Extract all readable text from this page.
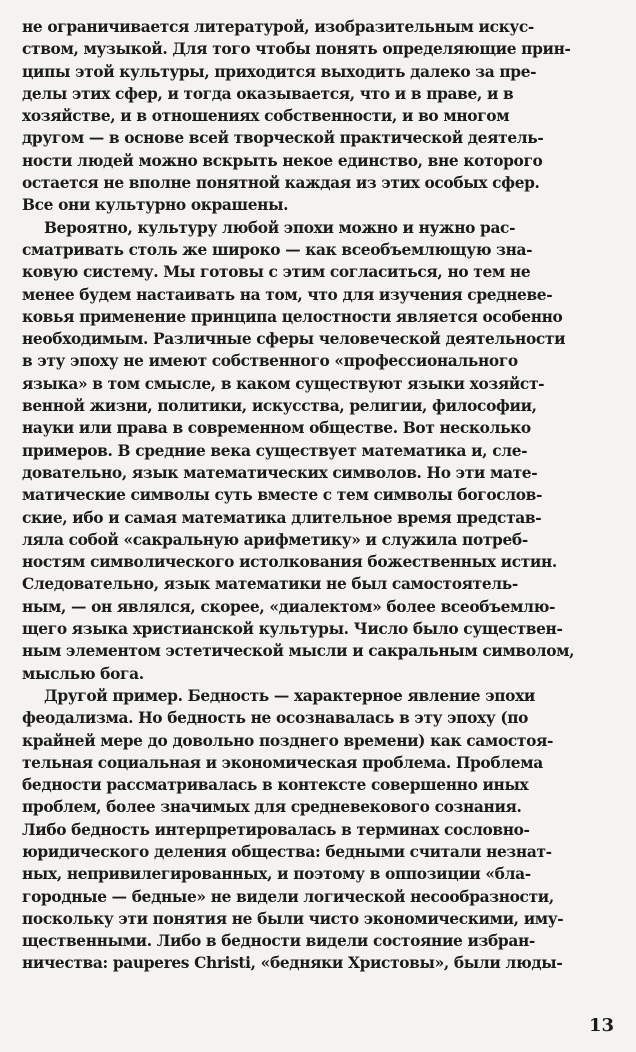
не ограничивается литературой, изобразительным искус-
ством, музыкой. Для того чтобы понять определяющие прин-
ципы этой культуры, приходится выходить далеко за пре-
делы этих сфер, и тогда оказывается, что и в праве, и в
хозяйстве, и в отношениях собственности, и во многом
другом — в основе всей творческой практической деятель-
ности людей можно вскрыть некое единство, вне которого
остается не вполне понятной каждая из этих особых сфер.
Все они культурно окрашены.
Вероятно, культуру любой эпохи можно и нужно рас-
сматривать столь же широко — как всеобъемлющую зна-
ковую систему. Мы готовы с этим согласиться, но тем не
менее будем настаивать на том, что для изучения средневе-
ковья применение принципа целостности является особенно
необходимым. Различные сферы человеческой деятельности
в эту эпоху не имеют собственного «профессионального
языка» в том смысле, в каком существуют языки хозяйст-
венной жизни, политики, искусства, религии, философии,
науки или права в современном обществе. Вот несколько
примеров. В средние века существует математика и, сле-
довательно, язык математических символов. Но эти мате-
матические символы суть вместе с тем символы богослов-
ские, ибо и самая математика длительное время представ-
ляла собой «сакральную арифметику» и служила потреб-
ностям символического истолкования божественных истин.
Следовательно, язык математики не был самостоятель-
ным, — он являлся, скорее, «диалектом» более всеобъемлю-
щего языка христианской культуры. Число было существен-
ным элементом эстетической мысли и сакральным символом,
мыслью бога.
Другой пример. Бедность — характерное явление эпохи
феодализма. Но бедность не осознавалась в эту эпоху (по
крайней мере до довольно позднего времени) как самостоя-
тельная социальная и экономическая проблема. Проблема
бедности рассматривалась в контексте совершенно иных
проблем, более значимых для средневекового сознания.
Либо бедность интерпретировалась в терминах сословно-
юридического деления общества: бедными считали незнат-
ных, непривилегированных, и поэтому в оппозиции «бла-
городные — бедные» не видели логической несообразности,
поскольку эти понятия не были чисто экономическими, иму-
щественными. Либо в бедности видели состояние избран-
ничества: pauperes Christi, «бедняки Христовы», были люды-
13
